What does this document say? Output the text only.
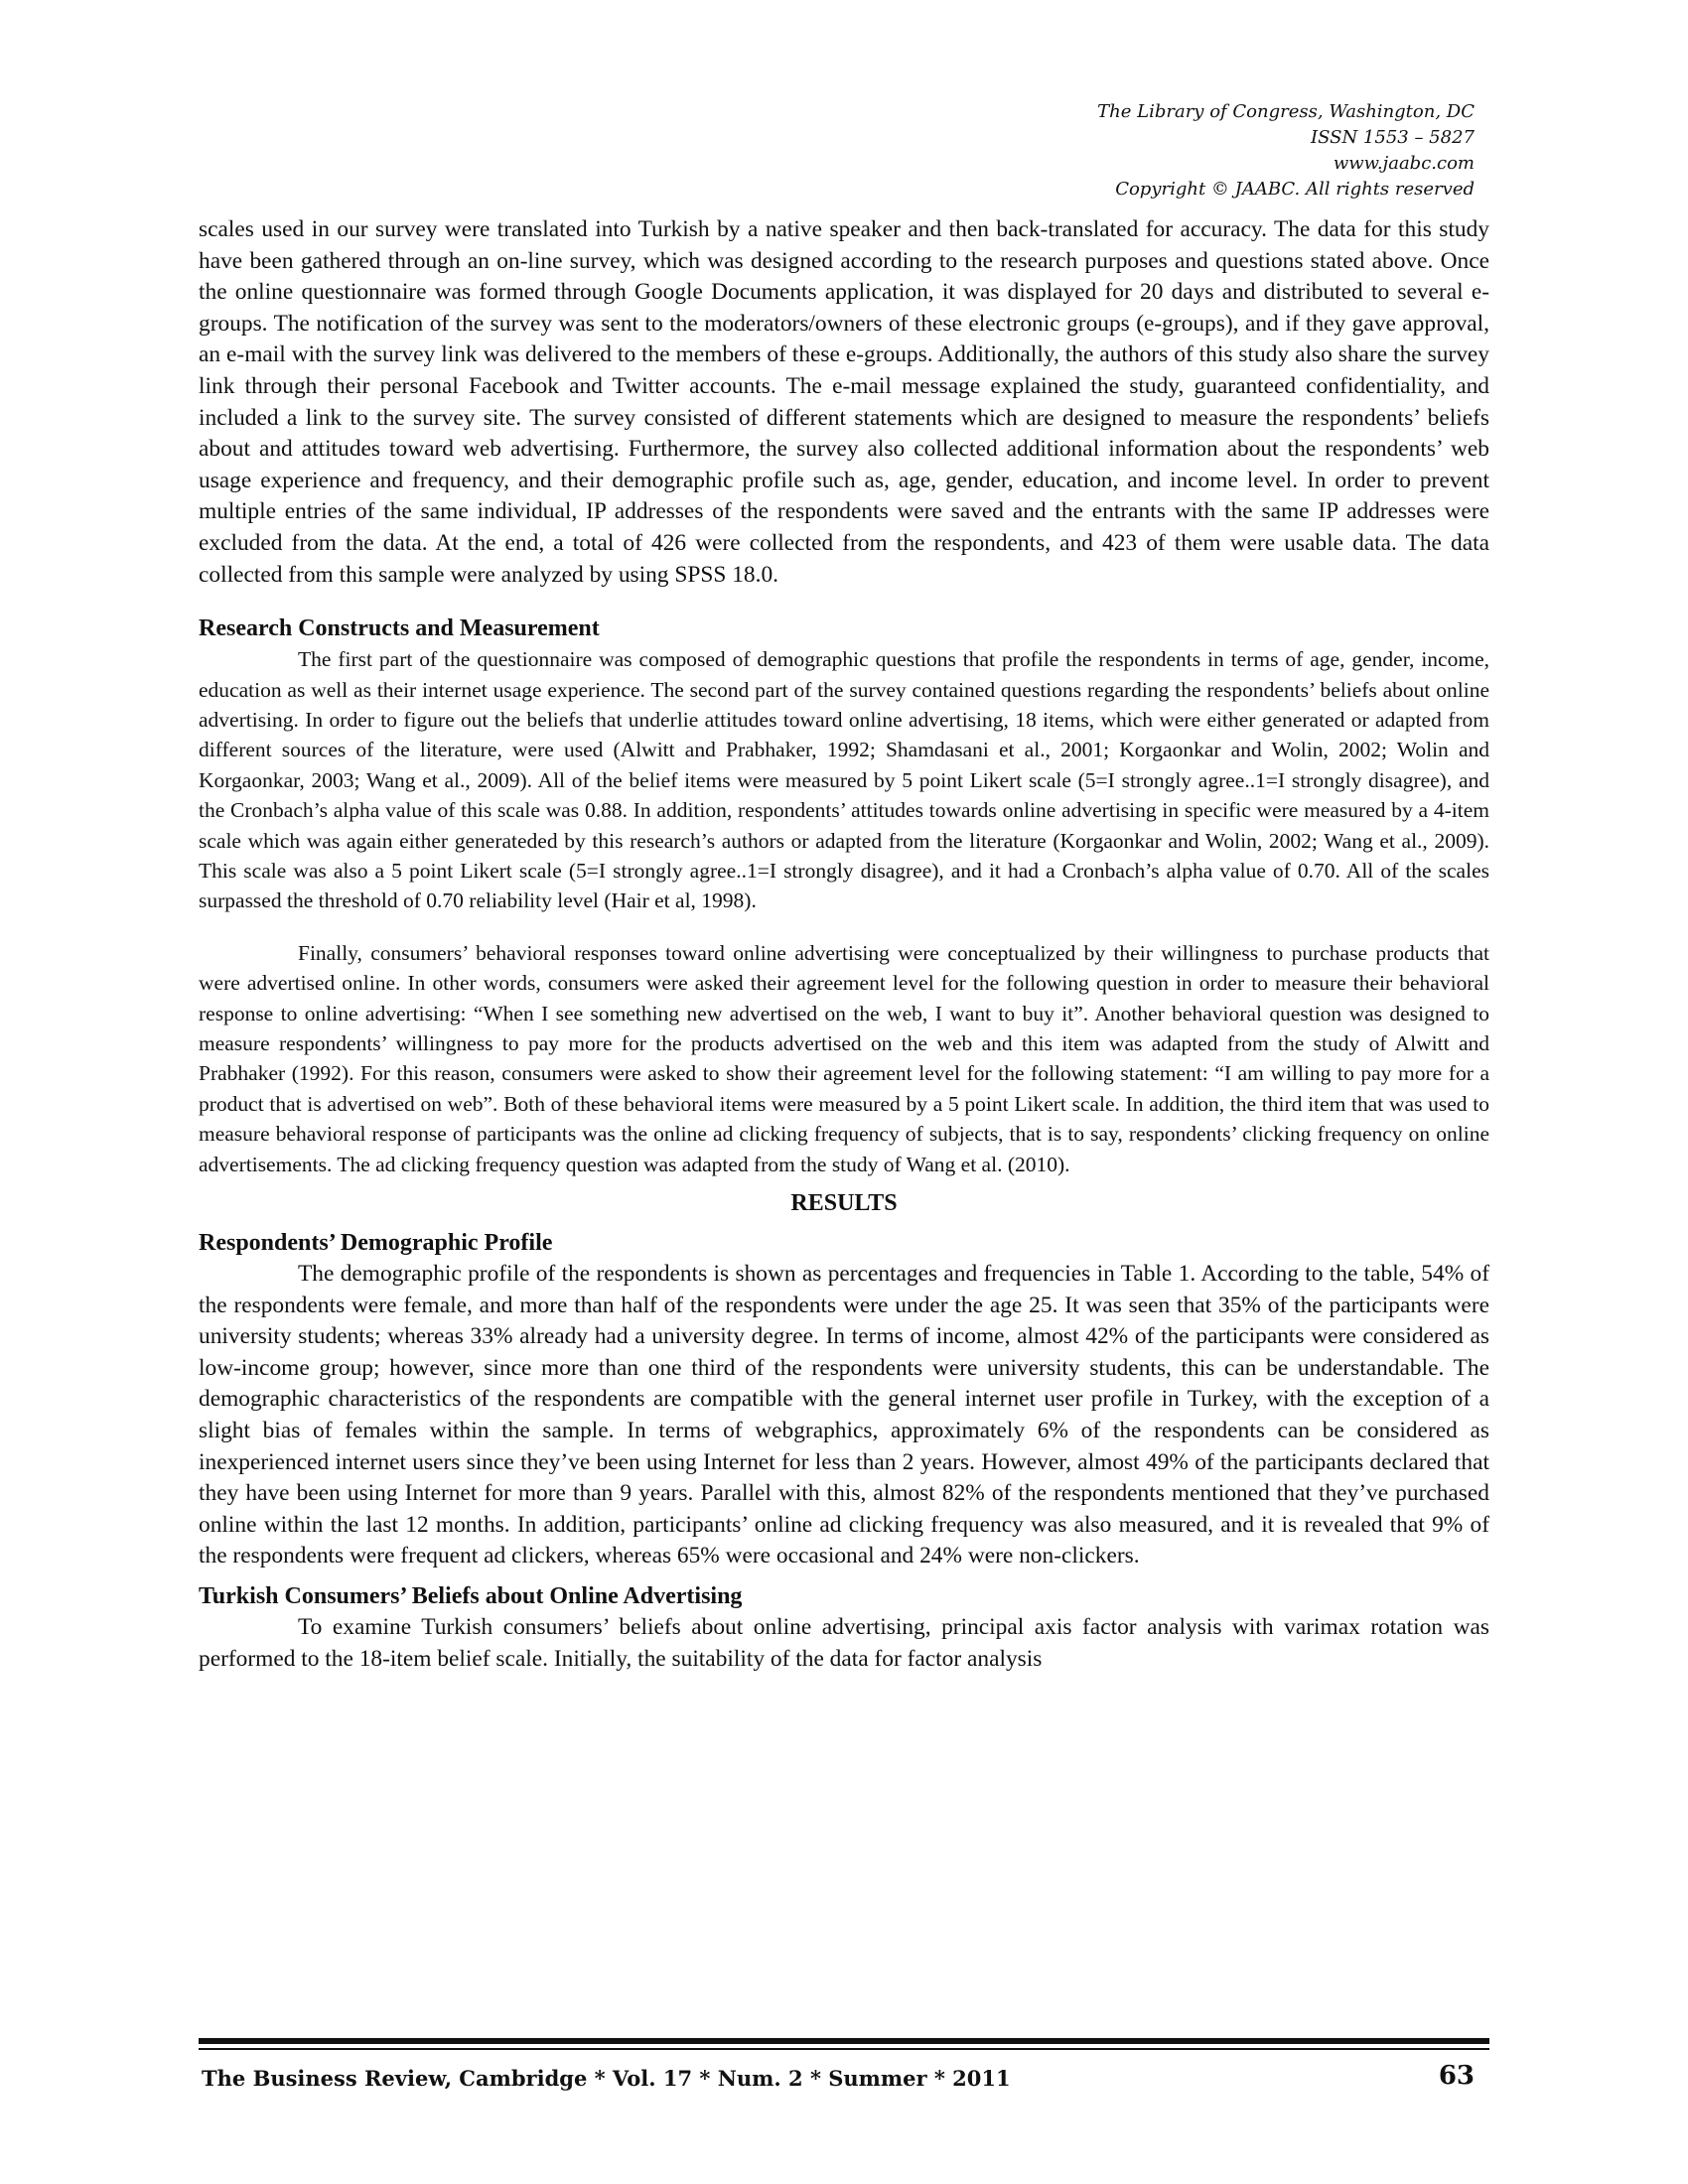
The Library of Congress, Washington, DC
ISSN 1553 – 5827
www.jaabc.com
Copyright © JAABC. All rights reserved

scales used in our survey were translated into Turkish by a native speaker and then back-translated for accuracy. The data for this study have been gathered through an on-line survey, which was designed according to the research purposes and questions stated above. Once the online questionnaire was formed through Google Documents application, it was displayed for 20 days and distributed to several e-groups. The notification of the survey was sent to the moderators/owners of these electronic groups (e-groups), and if they gave approval, an e-mail with the survey link was delivered to the members of these e-groups. Additionally, the authors of this study also share the survey link through their personal Facebook and Twitter accounts. The e-mail message explained the study, guaranteed confidentiality, and included a link to the survey site. The survey consisted of different statements which are designed to measure the respondents’ beliefs about and attitudes toward web advertising. Furthermore, the survey also collected additional information about the respondents’ web usage experience and frequency, and their demographic profile such as, age, gender, education, and income level. In order to prevent multiple entries of the same individual, IP addresses of the respondents were saved and the entrants with the same IP addresses were excluded from the data. At the end, a total of 426 were collected from the respondents, and 423 of them were usable data. The data collected from this sample were analyzed by using SPSS 18.0.

Research Constructs and Measurement

The first part of the questionnaire was composed of demographic questions that profile the respondents in terms of age, gender, income, education as well as their internet usage experience. The second part of the survey contained questions regarding the respondents’ beliefs about online advertising. In order to figure out the beliefs that underlie attitudes toward online advertising, 18 items, which were either generated or adapted from different sources of the literature, were used (Alwitt and Prabhaker, 1992; Shamdasani et al., 2001; Korgaonkar and Wolin, 2002; Wolin and Korgaonkar, 2003; Wang et al., 2009). All of the belief items were measured by 5 point Likert scale (5=I strongly agree..1=I strongly disagree), and the Cronbach’s alpha value of this scale was 0.88. In addition, respondents’ attitudes towards online advertising in specific were measured by a 4-item scale which was again either generateded by this research’s authors or adapted from the literature (Korgaonkar and Wolin, 2002; Wang et al., 2009). This scale was also a 5 point Likert scale (5=I strongly agree..1=I strongly disagree), and it had a Cronbach’s alpha value of 0.70. All of the scales surpassed the threshold of 0.70 reliability level (Hair et al, 1998).

Finally, consumers’ behavioral responses toward online advertising were conceptualized by their willingness to purchase products that were advertised online. In other words, consumers were asked their agreement level for the following question in order to measure their behavioral response to online advertising: “When I see something new advertised on the web, I want to buy it”. Another behavioral question was designed to measure respondents’ willingness to pay more for the products advertised on the web and this item was adapted from the study of Alwitt and Prabhaker (1992). For this reason, consumers were asked to show their agreement level for the following statement: “I am willing to pay more for a product that is advertised on web”. Both of these behavioral items were measured by a 5 point Likert scale. In addition, the third item that was used to measure behavioral response of participants was the online ad clicking frequency of subjects, that is to say, respondents’ clicking frequency on online advertisements. The ad clicking frequency question was adapted from the study of Wang et al. (2010).

RESULTS
Respondents’ Demographic Profile

The demographic profile of the respondents is shown as percentages and frequencies in Table 1. According to the table, 54% of the respondents were female, and more than half of the respondents were under the age 25. It was seen that 35% of the participants were university students; whereas 33% already had a university degree. In terms of income, almost 42% of the participants were considered as low-income group; however, since more than one third of the respondents were university students, this can be understandable. The demographic characteristics of the respondents are compatible with the general internet user profile in Turkey, with the exception of a slight bias of females within the sample. In terms of webgraphics, approximately 6% of the respondents can be considered as inexperienced internet users since they’ve been using Internet for less than 2 years. However, almost 49% of the participants declared that they have been using Internet for more than 9 years. Parallel with this, almost 82% of the respondents mentioned that they’ve purchased online within the last 12 months. In addition, participants’ online ad clicking frequency was also measured, and it is revealed that 9% of the respondents were frequent ad clickers, whereas 65% were occasional and 24% were non-clickers.

Turkish Consumers’ Beliefs about Online Advertising

To examine Turkish consumers’ beliefs about online advertising, principal axis factor analysis with varimax rotation was performed to the 18-item belief scale. Initially, the suitability of the data for factor analysis

The Business Review, Cambridge * Vol. 17 * Num. 2 * Summer * 2011	63
